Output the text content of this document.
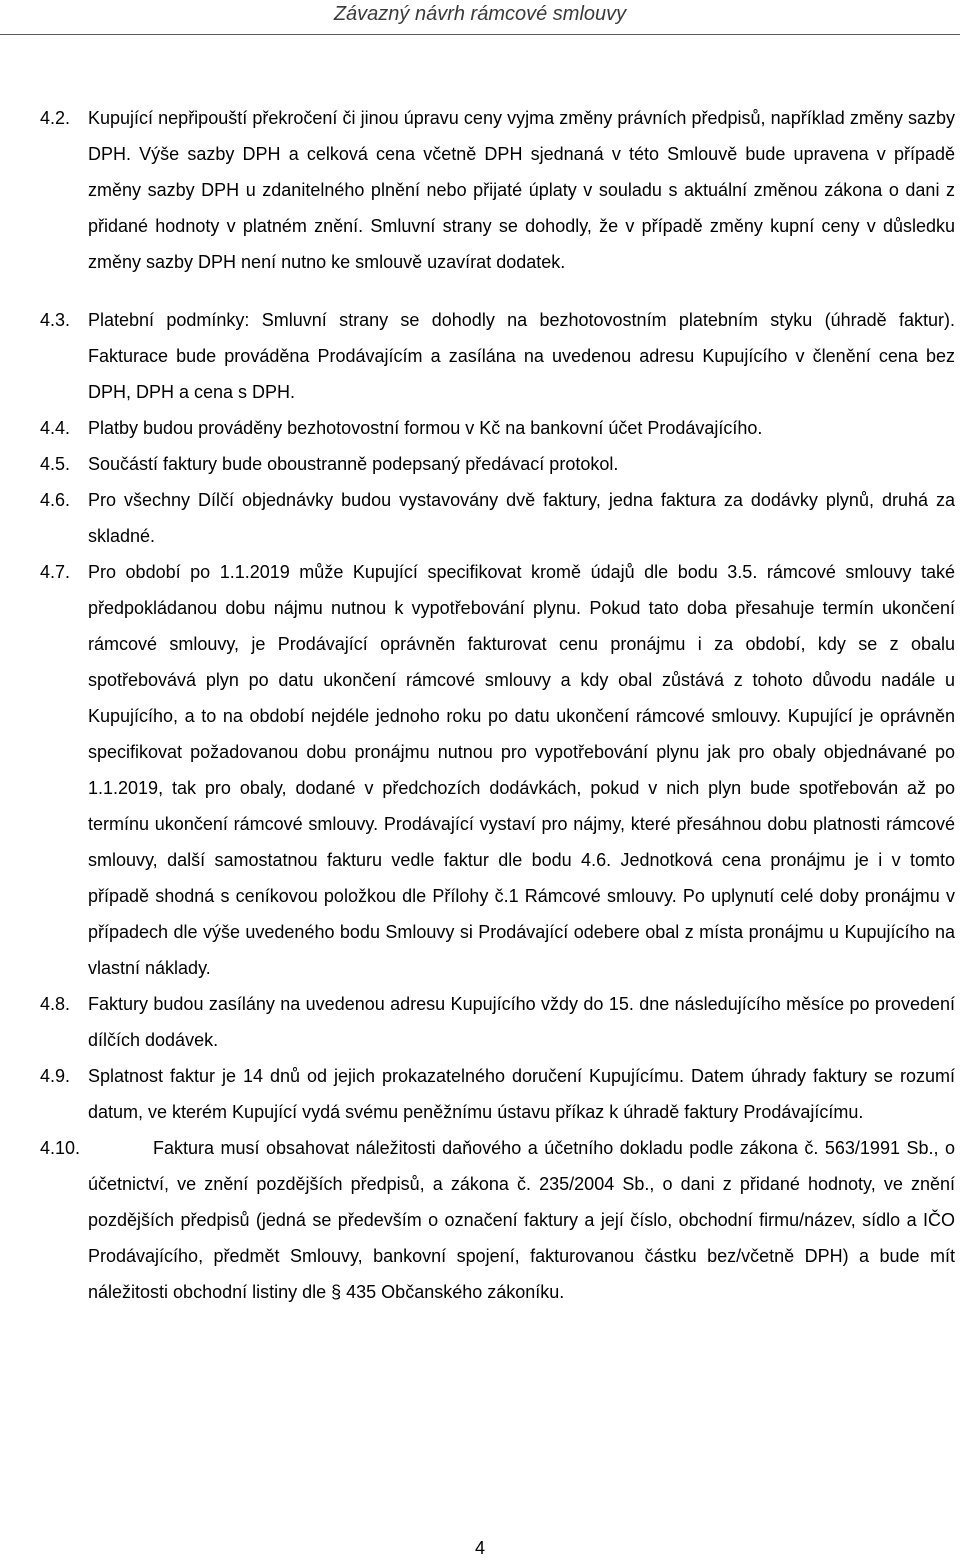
Závazný návrh rámcové smlouvy
4.2. Kupující nepřipouští překročení či jinou úpravu ceny vyjma změny právních předpisů, například změny sazby DPH. Výše sazby DPH a celková cena včetně DPH sjednaná v této Smlouvě bude upravena v případě změny sazby DPH u zdanitelného plnění nebo přijaté úplaty v souladu s aktuální změnou zákona o dani z přidané hodnoty v platném znění. Smluvní strany se dohodly, že v případě změny kupní ceny v důsledku změny sazby DPH není nutno ke smlouvě uzavírat dodatek.

4.3. Platební podmínky: Smluvní strany se dohodly na bezhotovostním platebním styku (úhradě faktur). Fakturace bude prováděna Prodávajícím a zasílána na uvedenou adresu Kupujícího v členění cena bez DPH, DPH a cena s DPH.

4.4. Platby budou prováděny bezhotovostní formou v Kč na bankovní účet Prodávajícího.

4.5. Součástí faktury bude oboustranně podepsaný předávací protokol.

4.6. Pro všechny Dílčí objednávky budou vystavovány dvě faktury, jedna faktura za dodávky plynů, druhá za skladné.

4.7. Pro období po 1.1.2019 může Kupující specifikovat kromě údajů dle bodu 3.5. rámcové smlouvy také předpokládanou dobu nájmu nutnou k vypotřebování plynu. Pokud tato doba přesahuje termín ukončení rámcové smlouvy, je Prodávající oprávněn fakturovat cenu pronájmu i za období, kdy se z obalu spotřebovává plyn po datu ukončení rámcové smlouvy a kdy obal zůstává z tohoto důvodu nadále u Kupujícího, a to na období nejdéle jednoho roku po datu ukončení rámcové smlouvy. Kupující je oprávněn specifikovat požadovanou dobu pronájmu nutnou pro vypotřebování plynu jak pro obaly objednávané po 1.1.2019, tak pro obaly, dodané v předchozích dodávkách, pokud v nich plyn bude spotřebován až po termínu ukončení rámcové smlouvy. Prodávající vystaví pro nájmy, které přesáhnou dobu platnosti rámcové smlouvy, další samostatnou fakturu vedle faktur dle bodu 4.6. Jednotková cena pronájmu je i v tomto případě shodná s ceníkovou položkou dle Přílohy č.1 Rámcové smlouvy. Po uplynutí celé doby pronájmu v případech dle výše uvedeného bodu Smlouvy si Prodávající odebere obal z místa pronájmu u Kupujícího na vlastní náklady.

4.8. Faktury budou zasílány na uvedenou adresu Kupujícího vždy do 15. dne následujícího měsíce po provedení dílčích dodávek.

4.9. Splatnost faktur je 14 dnů od jejich prokazatelného doručení Kupujícímu. Datem úhrady faktury se rozumí datum, ve kterém Kupující vydá svému peněžnímu ústavu příkaz k úhradě faktury Prodávajícímu.

4.10.	Faktura musí obsahovat náležitosti daňového a účetního dokladu podle zákona č. 563/1991 Sb., o účetnictví, ve znění pozdějších předpisů, a zákona č. 235/2004 Sb., o dani z přidané hodnoty, ve znění pozdějších předpisů (jedná se především o označení faktury a její číslo, obchodní firmu/název, sídlo a IČO Prodávajícího, předmět Smlouvy, bankovní spojení, fakturovanou částku bez/včetně DPH) a bude mít náležitosti obchodní listiny dle § 435 Občanského zákoníku.

4
